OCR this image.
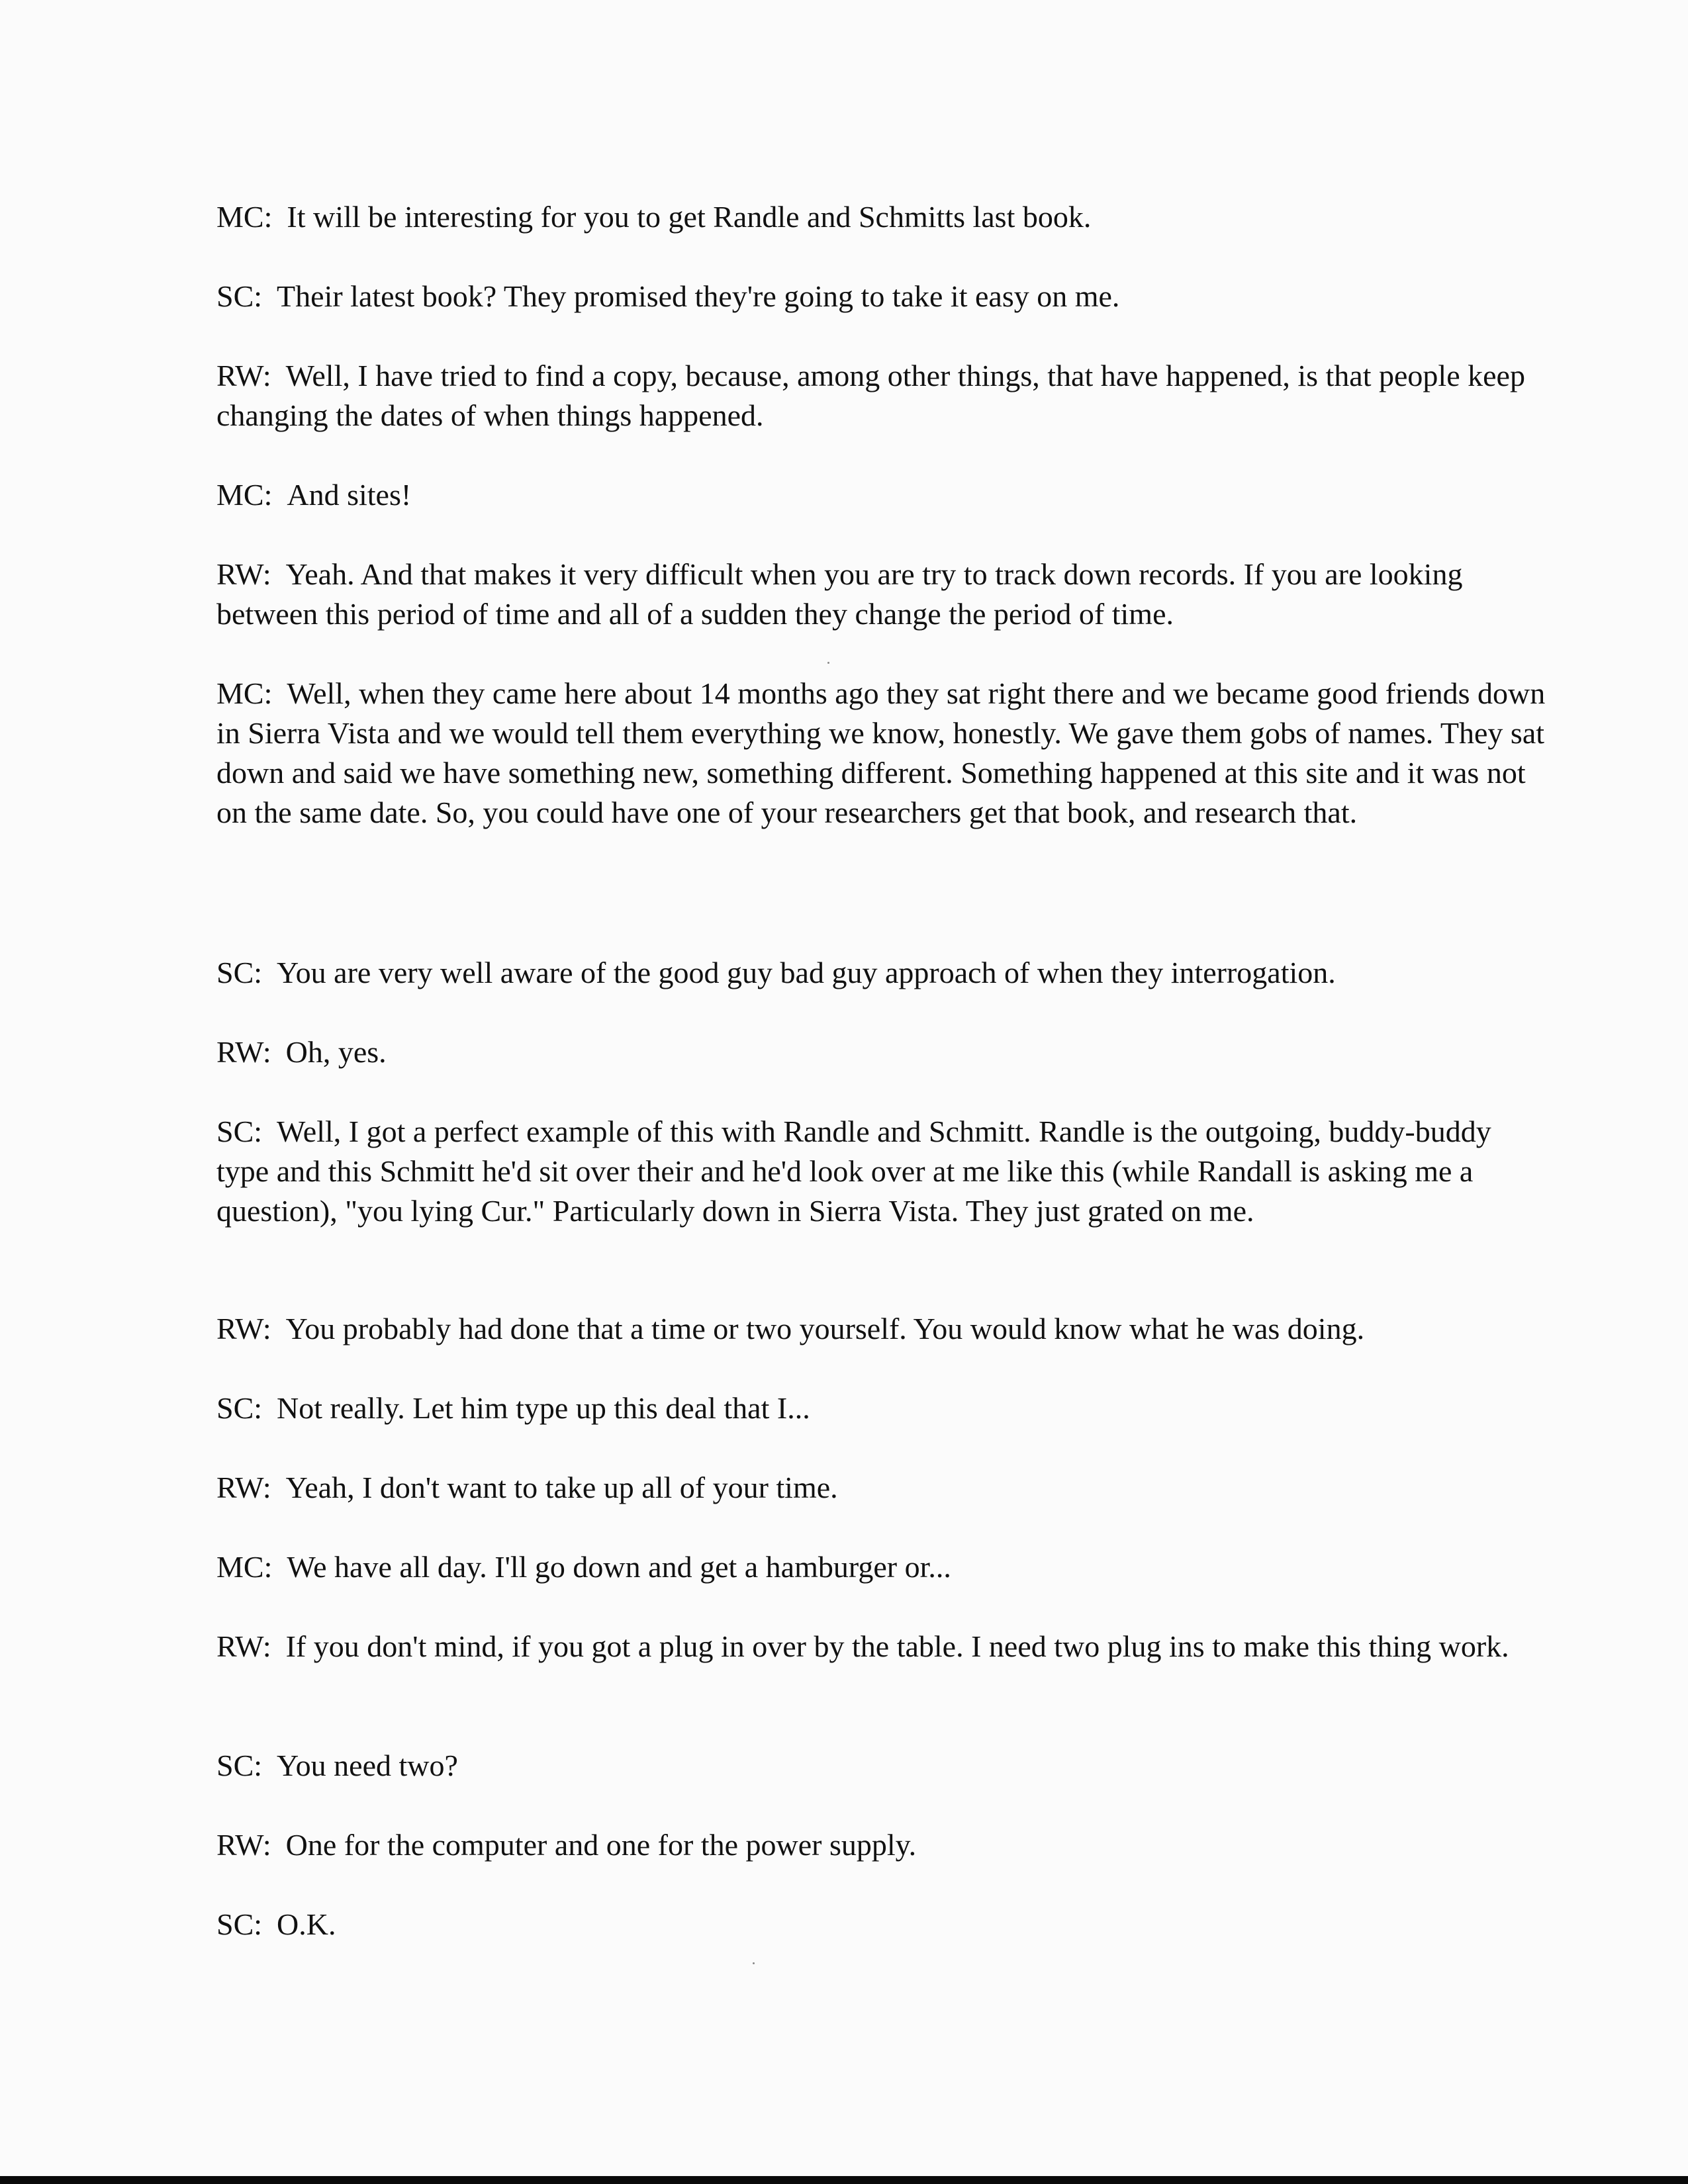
MC: It will be interesting for you to get Randle and Schmitts last book.

SC: Their latest book? They promised they're going to take it easy on me.

RW: Well, I have tried to find a copy, because, among other things, that have happened, is that people keep changing the dates of when things happened.

MC: And sites!

RW: Yeah. And that makes it very difficult when you are try to track down records. If you are looking between this period of time and all of a sudden they change the period of time.

MC: Well, when they came here about 14 months ago they sat right there and we became good friends down in Sierra Vista and we would tell them everything we know, honestly. We gave them gobs of names. They sat down and said we have something new, something different. Something happened at this site and it was not on the same date. So, you could have one of your researchers get that book, and research that.

SC: You are very well aware of the good guy bad guy approach of when they interrogation.

RW: Oh, yes.

SC: Well, I got a perfect example of this with Randle and Schmitt. Randle is the outgoing, buddy-buddy type and this Schmitt he'd sit over their and he'd look over at me like this (while Randall is asking me a question), "you lying Cur." Particularly down in Sierra Vista. They just grated on me.

RW: You probably had done that a time or two yourself. You would know what he was doing.

SC: Not really. Let him type up this deal that I...

RW: Yeah, I don't want to take up all of your time.

MC: We have all day. I'll go down and get a hamburger or...

RW: If you don't mind, if you got a plug in over by the table. I need two plug ins to make this thing work.

SC: You need two?

RW: One for the computer and one for the power supply.

SC: O.K.
